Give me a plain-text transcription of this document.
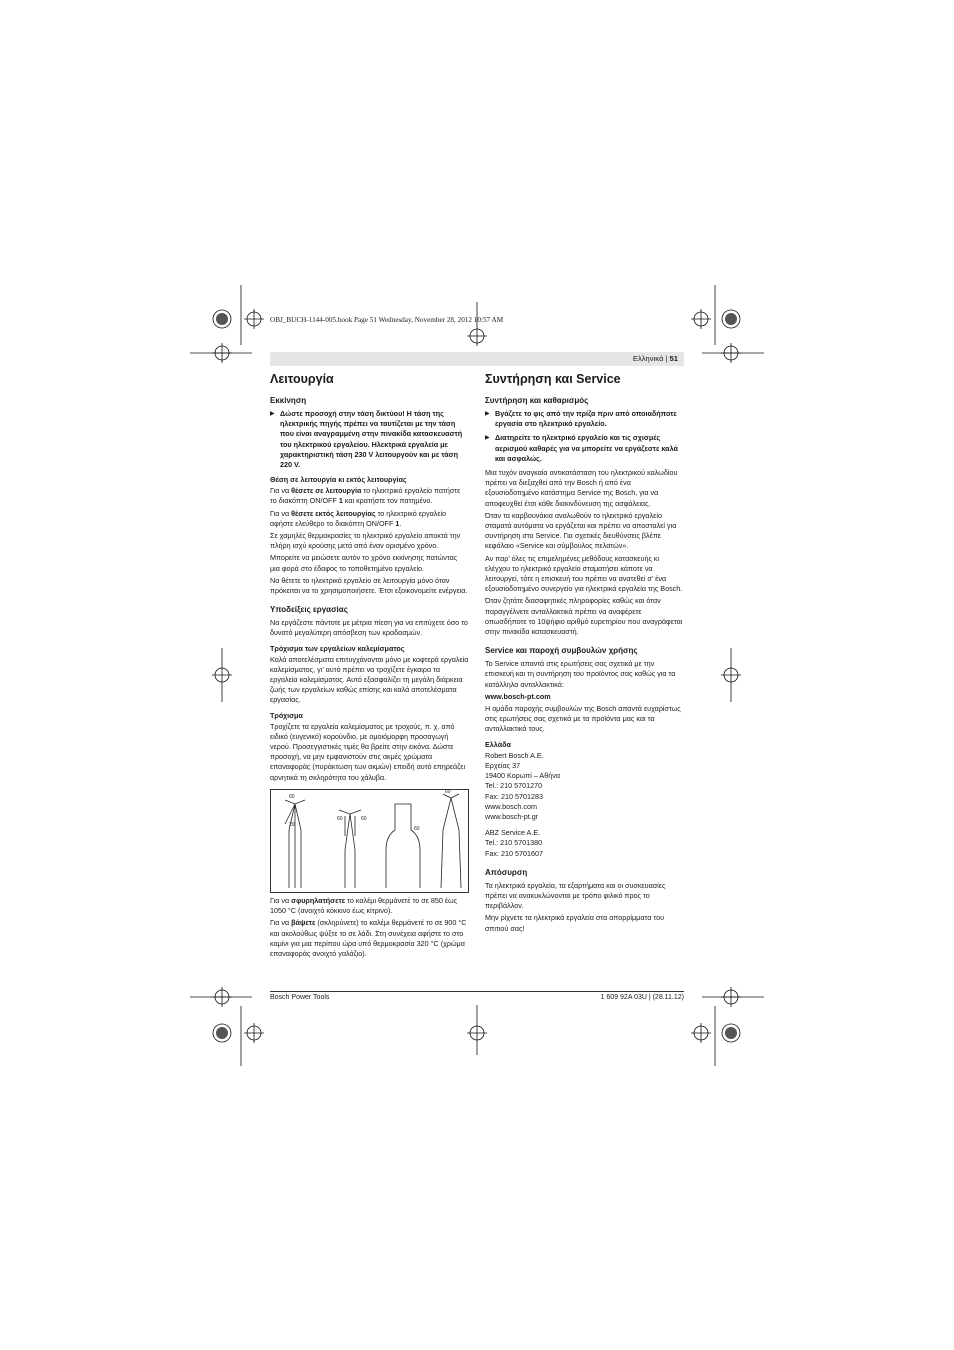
OBJ_BUCH-1144-005.book Page 51 Wednesday, November 28, 2012 10:57 AM
Ελληνικά | 51
Λειτουργία
Εκκίνηση

▶ Δώστε προσοχή στην τάση δικτύου! Η τάση της ηλεκτρικής πηγής πρέπει να ταυτίζεται με την τάση που είναι αναγραμμένη στην πινακίδα κατασκευαστή του ηλεκτρικού εργαλείου. Ηλεκτρικά εργαλεία με χαρακτηριστική τάση 230 V λειτουργούν και με τάση 220 V.

Θέση σε λειτουργία κι εκτός λειτουργίας

Για να θέσετε σε λειτουργία το ηλεκτρικό εργαλείο πατήστε το διακόπτη ON/OFF 1 και κρατήστε τον πατημένο.

Για να θέσετε εκτός λειτουργίας το ηλεκτρικό εργαλείο αφήστε ελεύθερο το διακόπτη ON/OFF 1.

Σε χαμηλές θερμοκρασίες το ηλεκτρικό εργαλείο αποκτά την πλήρη ισχύ κρούσης μετά από έναν ορισμένο χρόνο.

Μπορείτε να μειώσετε αυτόν το χρόνο εκκίνησης πατώντας μια φορά στο έδαφος το τοποθετημένο εργαλείο.

Να θέτετε το ηλεκτρικό εργαλείο σε λειτουργία μόνο όταν πρόκειται να το χρησιμοποιήσετε. Έτσι εξοικονομείτε ενέργεια.

Υποδείξεις εργασίας

Να εργάζεστε πάντοτε με μέτρια πίεση για να επιτύχετε όσο το δυνατό μεγαλύτερη απόσβεση των κραδασμών.

Τρόχισμα των εργαλείων καλεμίσματος

Καλά αποτελέσματα επιτυγχάνονται μόνο με κοφτερά εργαλεία καλεμίσματος, γι’ αυτό πρέπει να τροχίζετε έγκαιρα τα εργαλεία καλεμίσματος. Αυτό εξασφαλίζει τη μεγάλη διάρκεια ζωής των εργαλείων καθώς επίσης και καλά αποτελέσματα εργασίας.

Τρόχισμα

Τροχίζετε τα εργαλεία καλεμίσματος με τροχούς, π. χ. από ειδικό (ευγενικό) κορούνδιο, με ομοιόμορφη προσαγωγή νερού. Προσεγγιστικές τιμές θα βρείτε στην εικόνα. Δώστε προσοχή, να μην εμφανιστούν στις ακμές χρώματα επαναφοράς (πυράκτωση των ακμών) επειδή αυτό επηρεάζει αρνητικά τη σκληρότητα του χάλυβα.

60
20
60	60
60
60

Για να σφυρηλατήσετε το καλέμι θερμάνετέ το σε 850 έως 1050 °C (ανοιχτό κόκκινο έως κίτρινο).

Για να βάψετε (σκληρύνετε) το καλέμι θερμάνετέ το σε 900 °C και ακολούθως ψύξτε το σε λάδι. Στη συνέχεια αφήστε το στο καμίνι για μια περίπου ώρα υπό θερμοκρασία 320 °C (χρώμα επαναφοράς ανοιχτό γαλάζιο).

Συντήρηση και Service
Συντήρηση και καθαρισμός

▶ Βγάζετε το φις από την πρίζα πριν από οποιαδήποτε εργασία στο ηλεκτρικό εργαλείο.

▶ Διατηρείτε το ηλεκτρικό εργαλείο και τις σχισμές αερισμού καθαρές για να μπορείτε να εργάζεστε καλά και ασφαλώς.

Μια τυχόν αναγκαία αντικατάσταση του ηλεκτρικού καλωδίου πρέπει να διεξαχθεί από την Bosch ή από ένα εξουσιοδοτημένο κατάστημα Service της Bosch, για να αποφευχθεί έτσι κάθε διακινδύνευση της ασφάλειας.

Όταν τα καρβουνάκια αναλωθούν το ηλεκτρικό εργαλείο σταματά αυτόματα να εργάζεται και πρέπει να αποσταλεί για συντήρηση στο Service. Για σχετικές διευθύνσεις βλέπε κεφάλαιο «Service και σύμβουλος πελατών».

Αν παρ’ όλες τις επιμελημένες μεθόδους κατασκευής κι ελέγχου το ηλεκτρικό εργαλείο σταματήσει κάποτε να λειτουργεί, τότε η επισκευή του πρέπει να ανατεθεί σ’ ένα εξουσιοδοτημένο συνεργείο για ηλεκτρικά εργαλεία της Bosch.

Όταν ζητάτε διασαφητικές πληροφορίες καθώς και όταν παραγγέλνετε ανταλλακτικά πρέπει να αναφέρετε οπωσδήποτε το 10ψήφιο αριθμό ευρετηρίου που αναγράφεται στην πινακίδα κατασκευαστή.

Service και παροχή συμβουλών χρήσης

Το Service απαντά στις ερωτήσεις σας σχετικά με την επισκευή και τη συντήρηση του προϊόντος σας καθώς για τα κατάλληλα ανταλλακτικά:

www.bosch-pt.com

Η ομάδα παροχής συμβουλών της Bosch απαντά ευχαρίστως στις ερωτήσεις σας σχετικά με τα προϊόντα μας και τα ανταλλακτικά τους.

Ελλάδα
Robert Bosch A.E.
Ερχείας 37
19400 Κορωπί – Αθήνα
Tel.: 210 5701270
Fax: 210 5701283
www.bosch.com
www.bosch-pt.gr
ABZ Service A.E.
Tel.: 210 5701380
Fax: 210 5701607
Απόσυρση

Τα ηλεκτρικά εργαλεία, τα εξαρτήματα και οι συσκευασίες πρέπει να ανακυκλώνονται με τρόπο φιλικό προς το περιβάλλον.

Μην ρίχνετε τα ηλεκτρικά εργαλεία στα απορρίμματα του σπιτιού σας!

Bosch Power Tools	1 609 92A 03U | (28.11.12)
